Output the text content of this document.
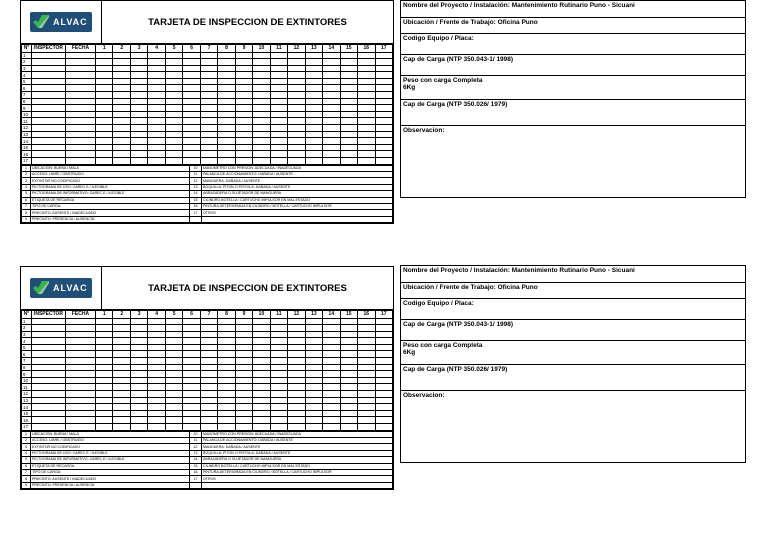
ALVAC	TARJETA DE INSPECCION DE EXTINTORES
N°	INSPECTOR	FECHA	1	2	3	4	5	6	7	8	9	10	11	12	13	14	15	16	17
1																			
2																			
3																			
4																			
5																			
6																			
7																			
8																			
9																			
10																			
11																			
12																			
13																			
14																			
15																			
16																			
17																			
1	UBICACION: BUENA / MALA	10	MANOMETRO CON PRESION: ADECUADA / INADECUADA
2	ACCESO: LIBRE / OBSTRUIDO	11	PALANCA DE ACCIONAMIENTO: DAÑADA / AUSENTE
3	EXTINTOR NO CODIFICADO	12	MANGUERA: DAÑADA / AUSENTE
4	PICTOGRAMA DE USO: CAREC E / ILEGIBLE	13	BOQUILLA: PITON O PISTOLA: DAÑADA / AUSENTE
5	PICTOGRAMA DE INFORMATIVO: CAREC E / ILEGIBLE	14	ABRAZADERA O SUJETADOR DE MANGUERA
6	ETIQUETA DE RECARGA	15	CILINDRO BOTELLA / CARTUCHO IMPULSOR EN MAL ESTADO
7	TIPO DE CARGA:	16	PINTURA DETERIORADA EN CILINDRO / BOTELLA / CARTUCHO IMPULSOR
8	PRECINTO: AUSENTE / INADECUADO	17	OTROS
9	PRECINTO: PRESENCIA / AUSENCIA		
ALVAC	TARJETA DE INSPECCION DE EXTINTORES
N°	INSPECTOR	FECHA	1	2	3	4	5	6	7	8	9	10	11	12	13	14	15	16	17
1																			
2																			
3																			
4																			
5																			
6																			
7																			
8																			
9																			
10																			
11																			
12																			
13																			
14																			
15																			
16																			
17																			
1	UBICACION: BUENA / MALA	10	MANOMETRO CON PRESION: ADECUADA / INADECUADA
2	ACCESO: LIBRE / OBSTRUIDO	11	PALANCA DE ACCIONAMIENTO: DAÑADA / AUSENTE
3	EXTINTOR NO CODIFICADO	12	MANGUERA: DAÑADA / AUSENTE
4	PICTOGRAMA DE USO: CAREC E / ILEGIBLE	13	BOQUILLA: PITON O PISTOLA: DAÑADA / AUSENTE
5	PICTOGRAMA DE INFORMATIVO: CAREC E / ILEGIBLE	14	ABRAZADERA O SUJETADOR DE MANGUERA
6	ETIQUETA DE RECARGA	15	CILINDRO BOTELLA / CARTUCHO IMPULSOR EN MAL ESTADO
7	TIPO DE CARGA:	16	PINTURA DETERIORADA EN CILINDRO / BOTELLA / CARTUCHO IMPULSOR
8	PRECINTO: AUSENTE / INADECUADO	17	OTROS
9	PRECINTO: PRESENCIA / AUSENCIA		
Nombre del Proyecto / Instalación: Mantenimiento Rutinario Puno - Sicuani
Ubicación / Frente de Trabajo: Oficina Puno
Codigo Equipo / Placa:
Cap de Carga (NTP 350.043-1/ 1998)
Peso con carga Completa
6Kg
Cap de Carga (NTP 350.026/ 1979)
Observacion:
Nombre del Proyecto / Instalación: Mantenimiento Rutinario Puno - Sicuani
Ubicación / Frente de Trabajo: Oficina Puno
Codigo Equipo / Placa:
Cap de Carga (NTP 350.043-1/ 1998)
Peso con carga Completa
6Kg
Cap de Carga (NTP 350.026/ 1979)
Observacion:
